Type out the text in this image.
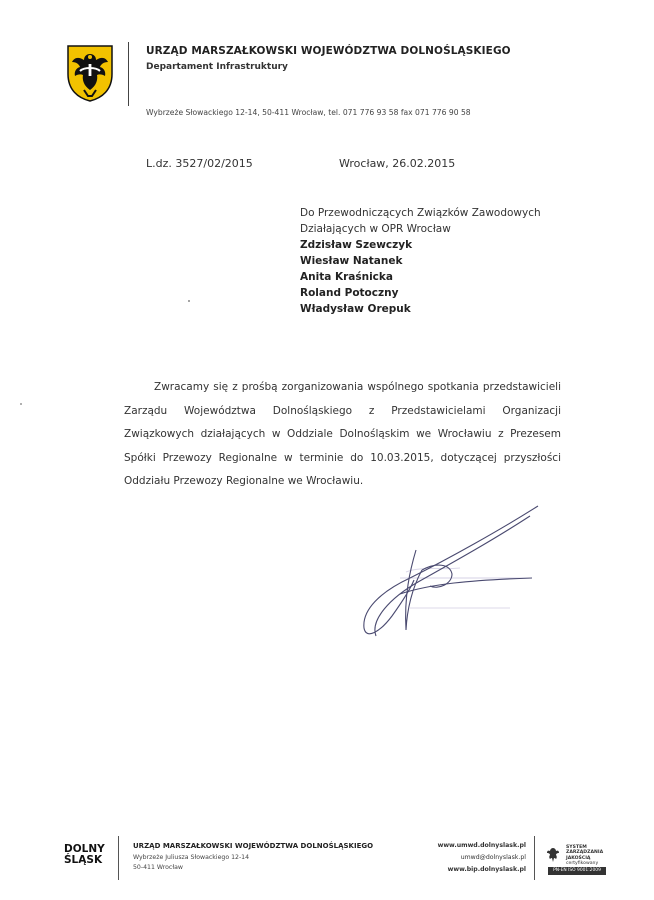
URZĄD MARSZAŁKOWSKI WOJEWÓDZTWA DOLNOŚLĄSKIEGO
Departament Infrastruktury
Wybrzeże Słowackiego 12-14, 50-411 Wrocław, tel. 071 776 93 58 fax 071 776 90 58
L.dz. 3527/02/2015	Wrocław, 26.02.2015
Do Przewodniczących Związków Zawodowych
Działających w OPR Wrocław
Zdzisław Szewczyk
Wiesław Natanek
Anita Kraśnicka
Roland Potoczny
Władysław Orepuk

Zwracamy się z prośbą zorganizowania wspólnego spotkania przedstawicieli Zarządu Województwa Dolnośląskiego z Przedstawicielami Organizacji Związkowych działających w Oddziale Dolnośląskim we Wrocławiu z Prezesem Spółki Przewozy Regionalne w terminie do 10.03.2015, dotyczącej przyszłości Oddziału Przewozy Regionalne we Wrocławiu.

DOLNY
ŚLĄSK
URZĄD MARSZAŁKOWSKI WOJEWÓDZTWA DOLNOŚLĄSKIEGO
Wybrzeże Juliusza Słowackiego 12-14
50-411 Wrocław
www.umwd.dolnyslask.pl
umwd@dolnyslask.pl
www.bip.dolnyslask.pl
SYSTEM
ZARZĄDZANIA
JAKOŚCIĄ
certyfikowany
PN-EN ISO 9001:2009
